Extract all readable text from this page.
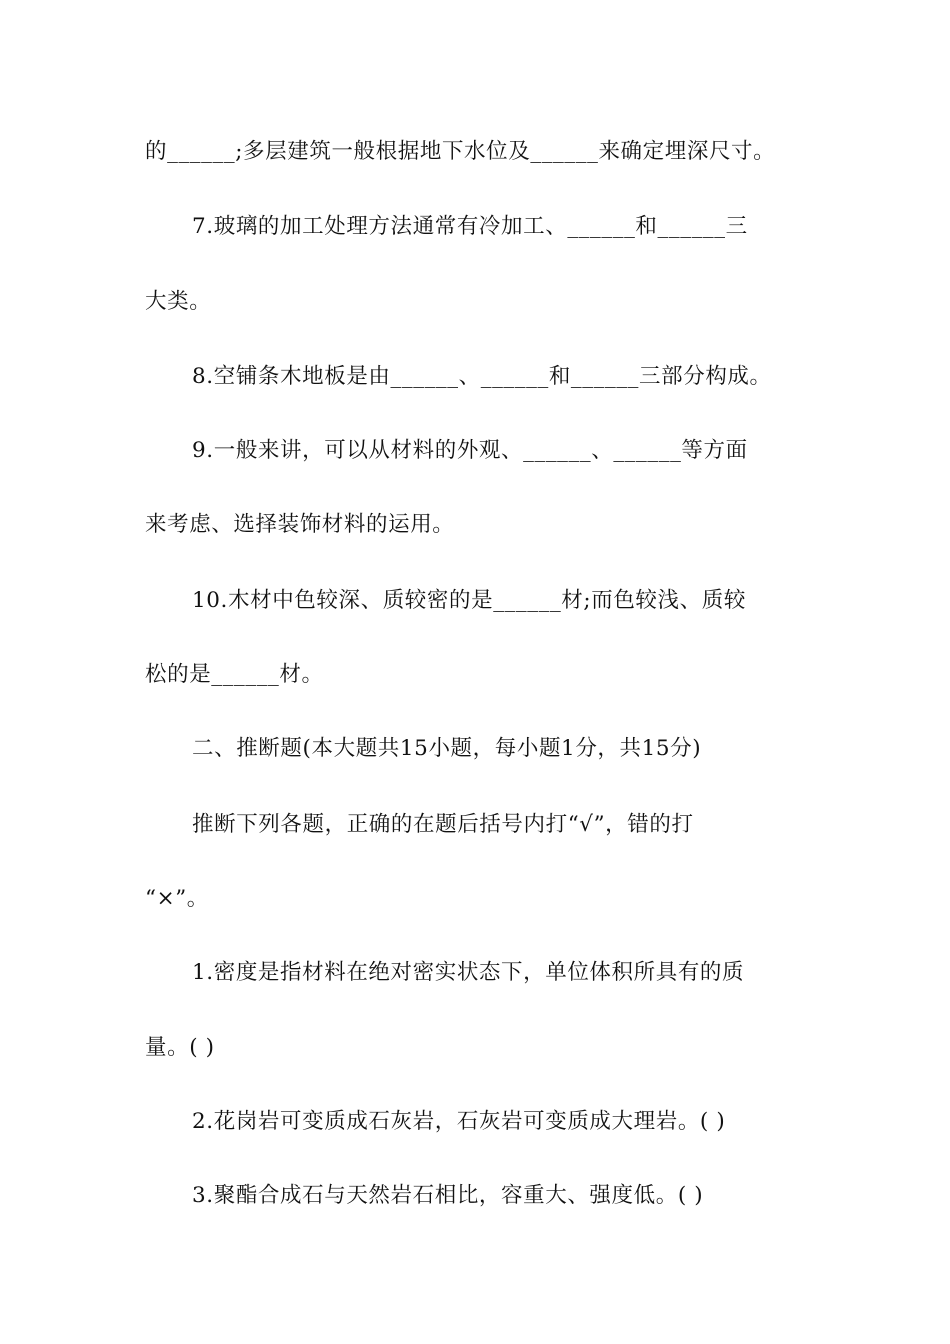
的______;多层建筑一般根据地下水位及______来确定埋深尺寸。
7.玻璃的加工处理方法通常有冷加工、______和______三
大类。
8.空铺条木地板是由______、______和______三部分构成。
9.一般来讲，可以从材料的外观、______、______等方面
来考虑、选择装饰材料的运用。
10.木材中色较深、质较密的是______材;而色较浅、质较
松的是______材。
二、推断题(本大题共15小题，每小题1分，共15分)
推断下列各题，正确的在题后括号内打“√”，错的打
“×”。
1.密度是指材料在绝对密实状态下，单位体积所具有的质
量。( )
2.花岗岩可变质成石灰岩，石灰岩可变质成大理岩。( )
3.聚酯合成石与天然岩石相比，容重大、强度低。( )
